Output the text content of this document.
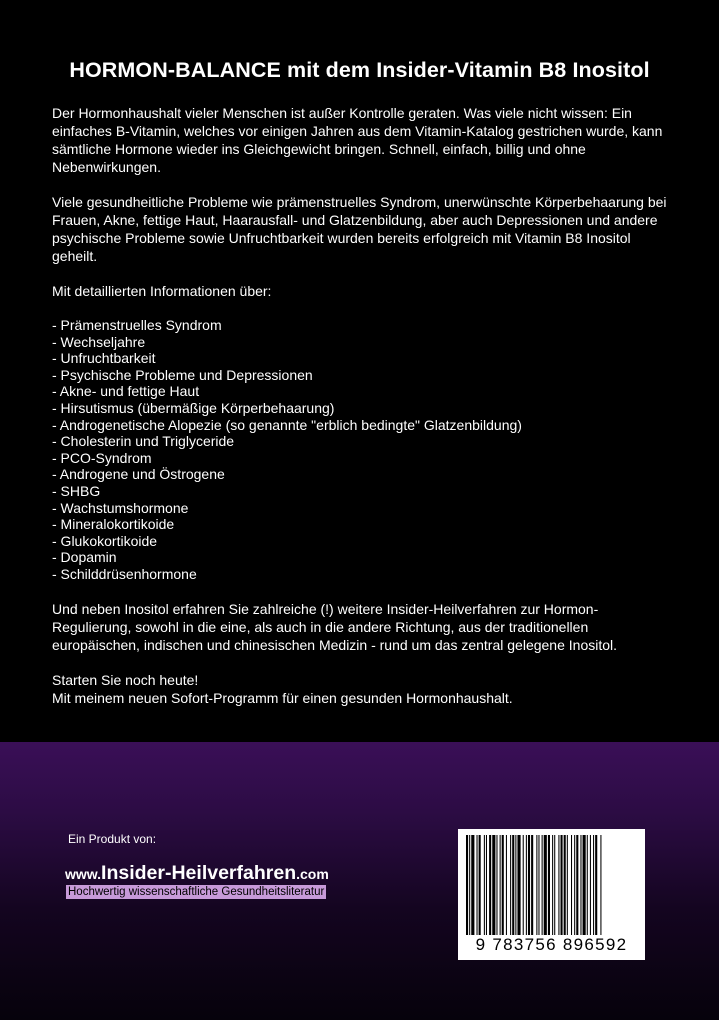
HORMON-BALANCE mit dem Insider-Vitamin B8 Inositol

Der Hormonhaushalt vieler Menschen ist außer Kontrolle geraten. Was viele nicht wissen: Ein einfaches B-Vitamin, welches vor einigen Jahren aus dem Vitamin-Katalog gestrichen wurde, kann sämtliche Hormone wieder ins Gleichgewicht bringen. Schnell, einfach, billig und ohne Nebenwirkungen.

Viele gesundheitliche Probleme wie prämenstruelles Syndrom, unerwünschte Körperbehaarung bei Frauen, Akne, fettige Haut, Haarausfall- und Glatzenbildung, aber auch Depressionen und andere psychische Probleme sowie Unfruchtbarkeit wurden bereits erfolgreich mit Vitamin B8 Inositol geheilt.

Mit detaillierten Informationen über:

- Prämenstruelles Syndrom
- Wechseljahre
- Unfruchtbarkeit
- Psychische Probleme und Depressionen
- Akne- und fettige Haut
- Hirsutismus (übermäßige Körperbehaarung)
- Androgenetische Alopezie (so genannte "erblich bedingte" Glatzenbildung)
- Cholesterin und Triglyceride
- PCO-Syndrom
- Androgene und Östrogene
- SHBG
- Wachstumshormone
- Mineralokortikoide
- Glukokortikoide
- Dopamin
- Schilddrüsenhormone

Und neben Inositol erfahren Sie zahlreiche (!) weitere Insider-Heilverfahren zur Hormon-Regulierung, sowohl in die eine, als auch in die andere Richtung, aus der traditionellen europäischen, indischen und chinesischen Medizin - rund um das zentral gelegene Inositol.

Starten Sie noch heute!

Mit meinem neuen Sofort-Programm für einen gesunden Hormonhaushalt.

Ein Produkt von:
www.Insider-Heilverfahren.com
Hochwertig wissenschaftliche Gesundheitsliteratur
9 783756 896592
